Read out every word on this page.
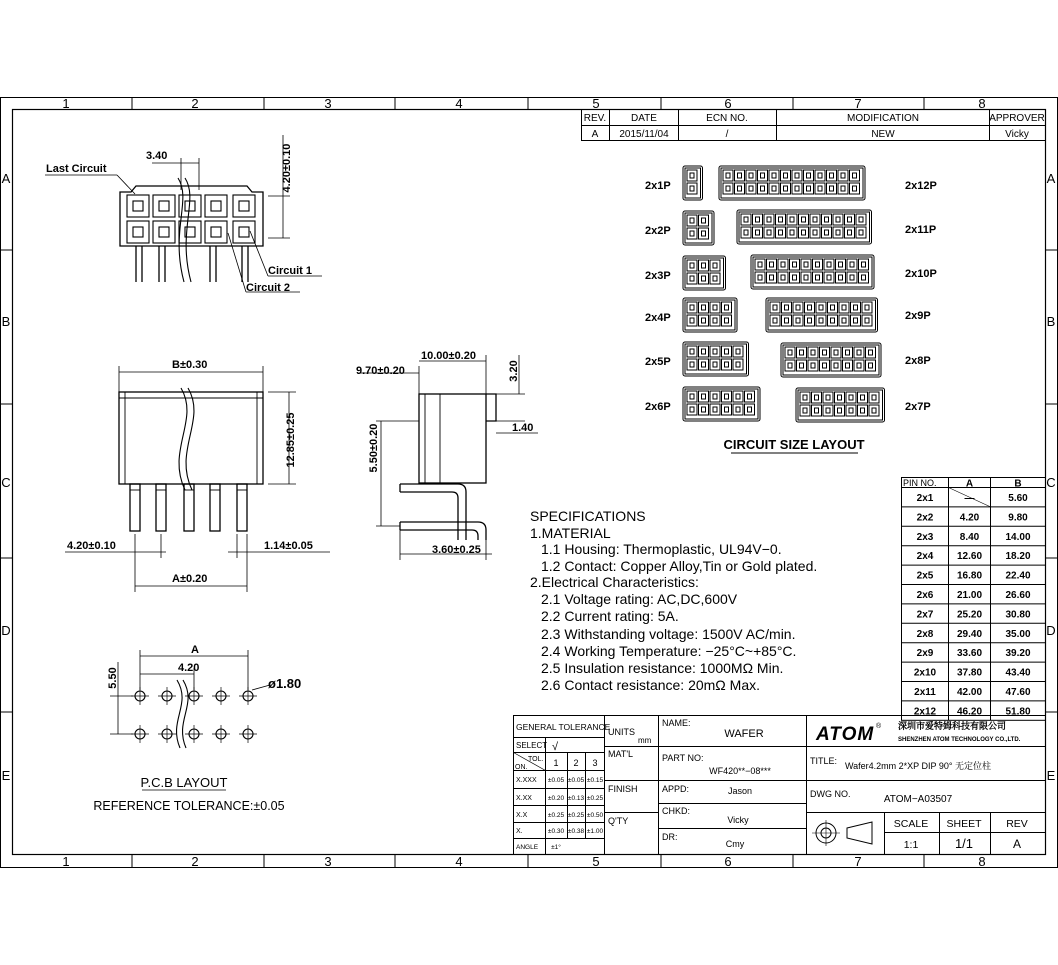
1
1
2
2
3
3
4
4
5
5
6
6
7
7
8
8
A	A
B	B
C	C
D	D
E	E
REV. DATE	ECN NO.	MODIFICATION	APPROVER
A 2015/11/04	/	NEW	Vicky
3.40	4.20±0.10
Last Circuit
Circuit 1
Circuit 2
B±0.30
12.85±0.25
4.20±0.10	1.14±0.05
A±0.20
9.70±0.20
10.00±0.20
3.20
1.40
5.50±0.20
3.60±0.25
A
4.20
5.50	ø1.80
P.C.B LAYOUT
REFERENCE TOLERANCE:±0.05
2x1P
2x2P
2x3P
2x4P
2x5P
2x6P
2x12P
2x11P
2x10P
2x9P
2x8P
2x7P
CIRCUIT SIZE LAYOUT
PIN NO.	A	B
2x1	—	5.60
2x2	4.20	9.80
2x3	8.40	14.00
2x4 12.60 18.20
2x5 16.80 22.40
2x6 21.00 26.60
2x7 25.20 30.80
2x8 29.40 35.00
2x9 33.60 39.20
2x10 37.80 43.40
2x11 42.00 47.60
2x12 46.20 51.80
SPECIFICATIONS
1.MATERIAL
1.1 Housing: Thermoplastic, UL94V−0.
1.2 Contact: Copper Alloy,Tin or Gold plated.
2.Electrical Characteristics:
2.1 Voltage rating: AC,DC,600V
2.2 Current rating: 5A.
2.3 Withstanding voltage: 1500V AC/min.
2.4 Working Temperature: −25°C~+85°C.
2.5 Insulation resistance: 1000MΩ Min.
2.6 Contact resistance: 20mΩ Max.
GENERAL TOLERANCE
SELECT √
TOL.
ON.	1 2 3
X.XXX ±0.05 ±0.05 ±0.15
X.XX ±0.20 ±0.13 ±0.25
X.X	±0.25 ±0.25 ±0.50
X.	±0.30 ±0.38 ±1.00
ANGLE ±1°
UNITS
mm
MAT'L
FINISH
Q'TY
NAME:
WAFER
PART NO:
WF420**−08***
APPD:	Jason
CHKD:
Vicky
DR:
Cmy
ATOM ® 深圳市爱特姆科技有限公司
SHENZHEN ATOM TECHNOLOGY CO.,LTD.
TITLE: Wafer4.2mm 2*XP DIP 90° 无定位柱
DWG NO.	ATOM−A03507
SCALE
1:1
SHEET
1/1
REV
A
